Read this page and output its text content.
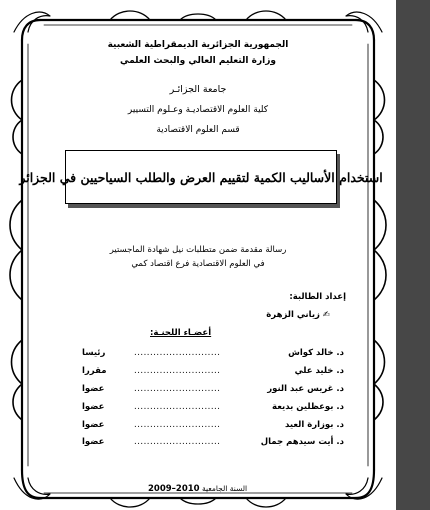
الجمهورية الجزائرية الديمقراطية الشعبية
وزارة التعليم العالي والبحث العلمي
جامعة الجزائـر
كلية العلوم الاقتصاديـة وعـلوم التسيير
قسم العلوم الاقتصادية
استخدام الأساليب الكمية لتقييم العرض والطلب السياحيين في الجزائر
رسالة مقدمة ضمن متطلبات نيل شهادة الماجستير
في العلوم الاقتصادية فرع اقتصاد كمي
إعداد الطالبة:
✍ زياني الزهرة
أعضـاء اللجنـة:
د. خالد كواش
...........................
رئيسا
د. خليد علي
...........................
مقررا
د. غريس عبد النور
...........................
عضوا
د. بوعظلين بديعة
...........................
عضوا
د. بوزارة العيد
...........................
عضوا
د. أيت سيدهم جمال
...........................
عضوا
السنة الجامعية 2009–2010
